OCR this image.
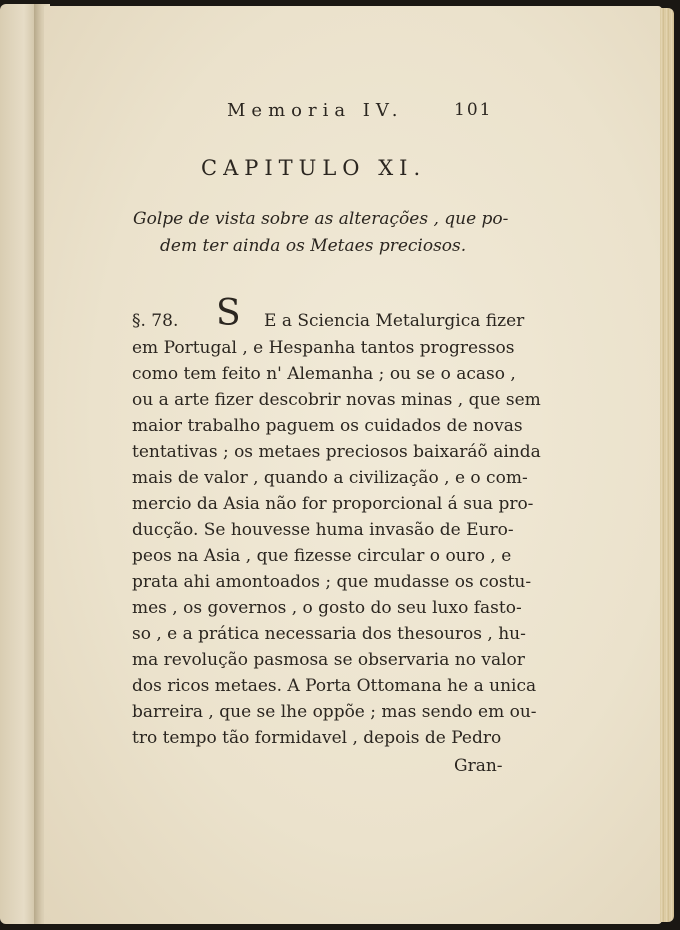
Memoria IV.	101
CAPITULO XI.
Golpe de vista sobre as alterações , que po-
dem ter ainda os Metaes preciosos.
§. 78. S E a Sciencia Metalurgica fizer
em Portugal , e Hespanha tantos progressos
como tem feito n' Alemanha ; ou se o acaso ,
ou a arte fizer descobrir novas minas , que sem
maior trabalho paguem os cuidados de novas
tentativas ; os metaes preciosos baixaráõ ainda
mais de valor , quando a civilização , e o com-
mercio da Asia não for proporcional á sua pro-
ducção. Se houvesse huma invasão de Euro-
peos na Asia , que fizesse circular o ouro , e
prata ahi amontoados ; que mudasse os costu-
mes , os governos , o gosto do seu luxo fasto-
so , e a prática necessaria dos thesouros , hu-
ma revolução pasmosa se observaria no valor
dos ricos metaes. A Porta Ottomana he a unica
barreira , que se lhe oppõe ; mas sendo em ou-
tro tempo tão formidavel , depois de Pedro
Gran-
